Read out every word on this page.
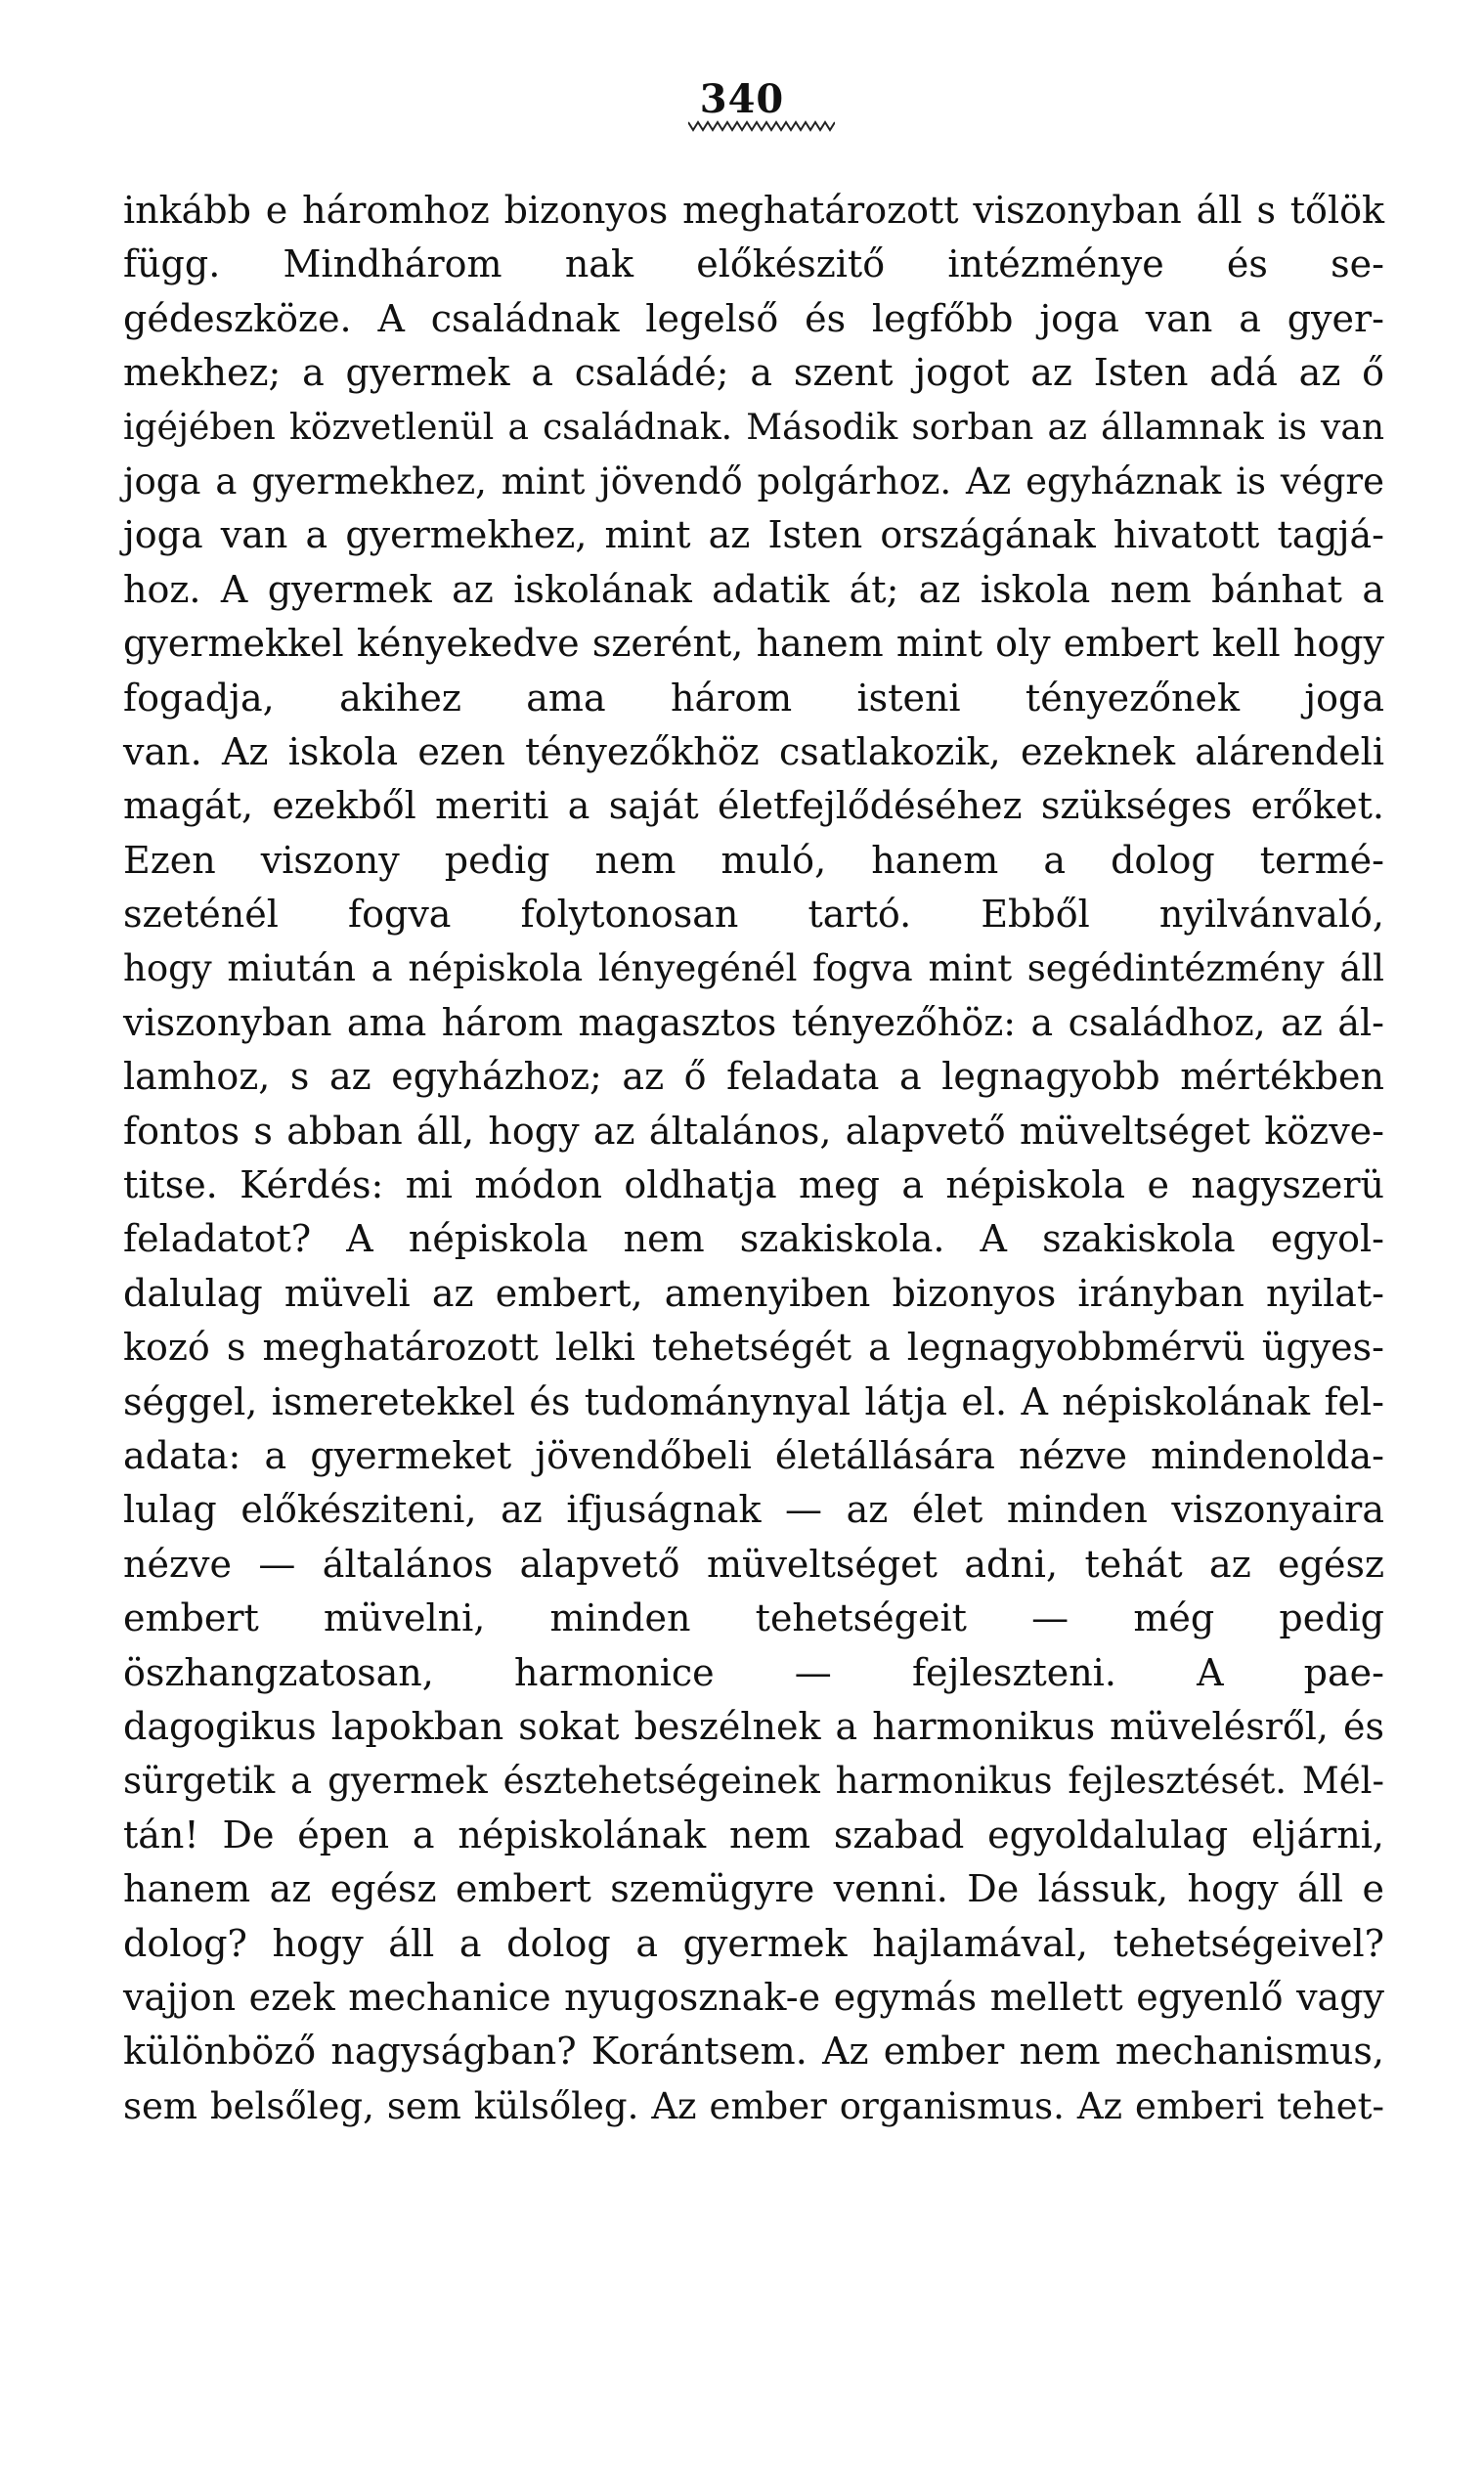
340
inkább e háromhoz bizonyos meghatározott viszonyban áll s tőlök
függ. Mindhárom nak előkészitő intézménye és se-
gédeszköze. A családnak legelső és legfőbb joga van a gyer-
mekhez; a gyermek a családé; a szent jogot az Isten adá az ő
igéjében közvetlenül a családnak. Második sorban az államnak is van
joga a gyermekhez, mint jövendő polgárhoz. Az egyháznak is végre
joga van a gyermekhez, mint az Isten országának hivatott tagjá-
hoz. A gyermek az iskolának adatik át; az iskola nem bánhat a
gyermekkel kényekedve szerént, hanem mint oly embert kell hogy
fogadja, akihez ama három isteni tényezőnek joga
van. Az iskola ezen tényezőkhöz csatlakozik, ezeknek alárendeli
magát, ezekből meriti a saját életfejlődéséhez szükséges erőket.
Ezen viszony pedig nem muló, hanem a dolog termé-
szeténél fogva folytonosan tartó. Ebből nyilvánvaló,
hogy miután a népiskola lényegénél fogva mint segédintézmény áll
viszonyban ama három magasztos tényezőhöz: a családhoz, az ál-
lamhoz, s az egyházhoz; az ő feladata a legnagyobb mértékben
fontos s abban áll, hogy az általános, alapvető müveltséget közve-
titse. Kérdés: mi módon oldhatja meg a népiskola e nagyszerü
feladatot? A népiskola nem szakiskola. A szakiskola egyol-
dalulag müveli az embert, amenyiben bizonyos irányban nyilat-
kozó s meghatározott lelki tehetségét a legnagyobbmérvü ügyes-
séggel, ismeretekkel és tudománynyal látja el. A népiskolának fel-
adata: a gyermeket jövendőbeli életállására nézve mindenolda-
lulag előkésziteni, az ifjuságnak — az élet minden viszonyaira
nézve — általános alapvető müveltséget adni, tehát az egész
embert müvelni, minden tehetségeit — még pedig
öszhangzatosan, harmonice — fejleszteni. A pae-
dagogikus lapokban sokat beszélnek a harmonikus müvelésről, és
sürgetik a gyermek észtehetségeinek harmonikus fejlesztését. Mél-
tán! De épen a népiskolának nem szabad egyoldalulag eljárni,
hanem az egész embert szemügyre venni. De lássuk, hogy áll e
dolog? hogy áll a dolog a gyermek hajlamával, tehetségeivel?
vajjon ezek mechanice nyugosznak-e egymás mellett egyenlő vagy
különböző nagyságban? Korántsem. Az ember nem mechanismus,
sem belsőleg, sem külsőleg. Az ember organismus. Az emberi tehet-
